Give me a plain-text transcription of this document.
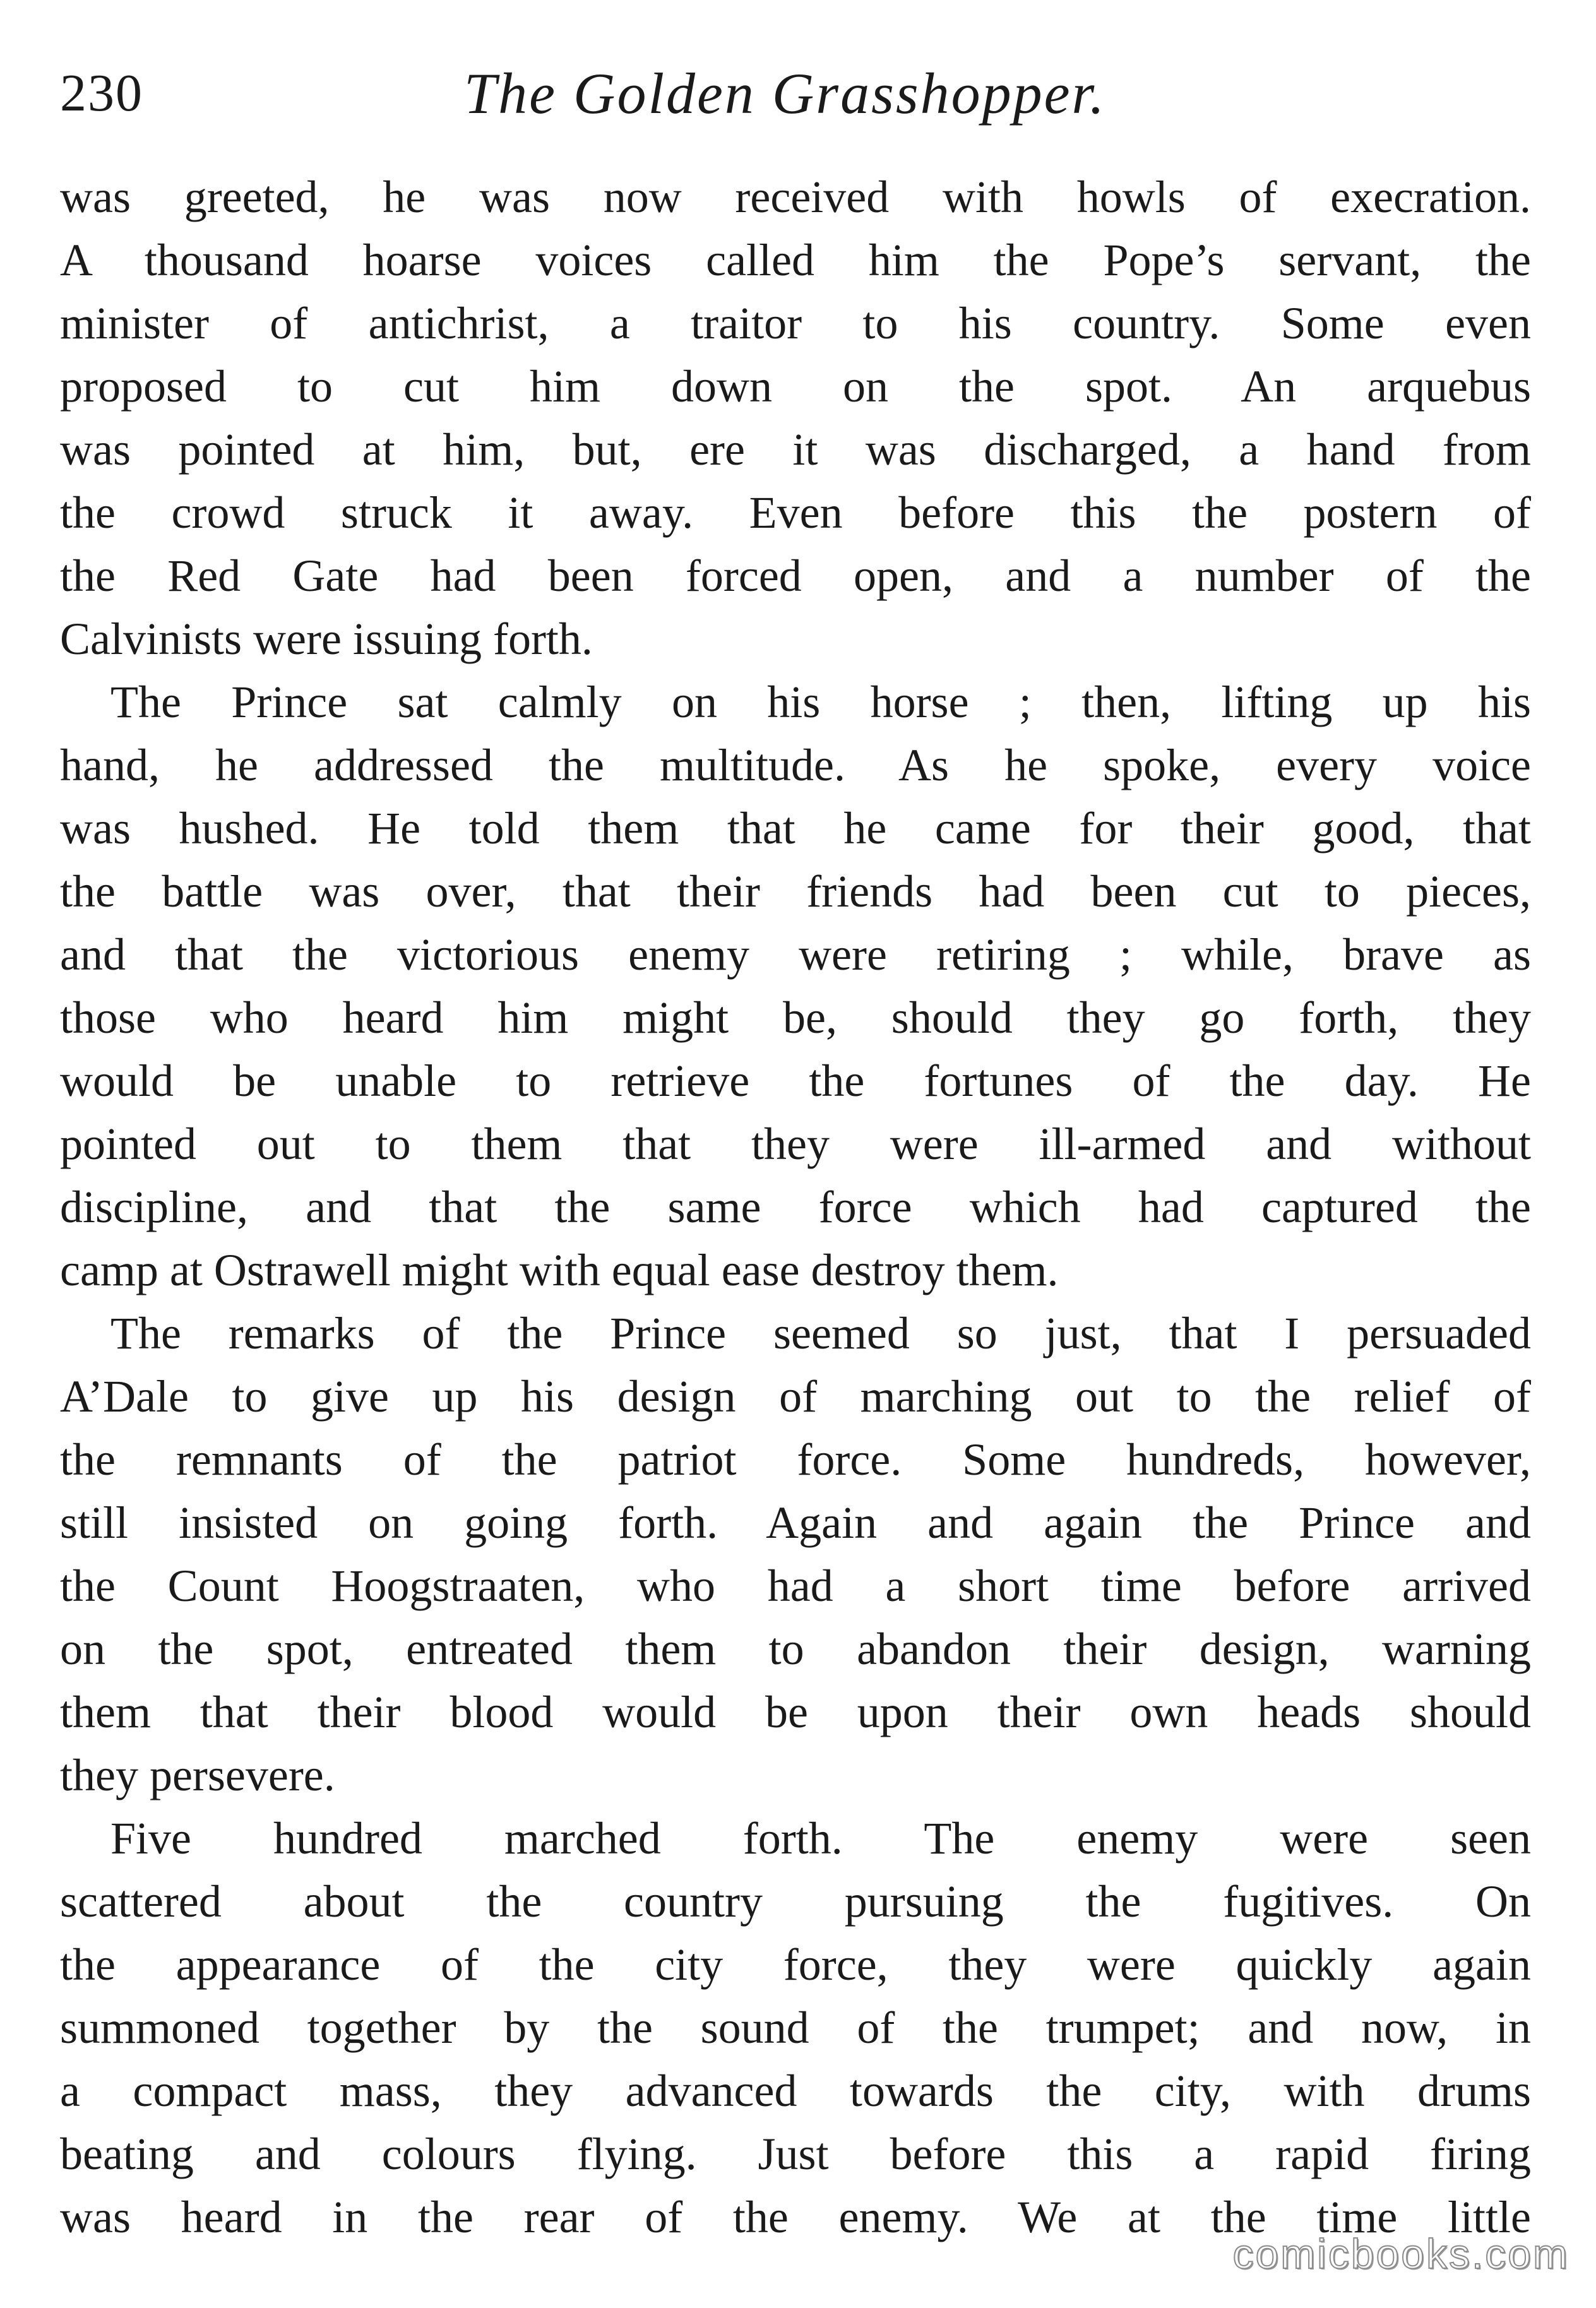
230	The Golden Grasshopper.
was greeted, he was now received with howls of execration.
A thousand hoarse voices called him the Pope’s servant, the
minister of antichrist, a traitor to his country. Some even
proposed to cut him down on the spot. An arquebus
was pointed at him, but, ere it was discharged, a hand from
the crowd struck it away. Even before this the postern of
the Red Gate had been forced open, and a number of the
Calvinists were issuing forth.
The Prince sat calmly on his horse ; then, lifting up his
hand, he addressed the multitude. As he spoke, every voice
was hushed. He told them that he came for their good, that
the battle was over, that their friends had been cut to pieces,
and that the victorious enemy were retiring ; while, brave as
those who heard him might be, should they go forth, they
would be unable to retrieve the fortunes of the day. He
pointed out to them that they were ill-armed and without
discipline, and that the same force which had captured the
camp at Ostrawell might with equal ease destroy them.
The remarks of the Prince seemed so just, that I persuaded
A’Dale to give up his design of marching out to the relief of
the remnants of the patriot force. Some hundreds, however,
still insisted on going forth. Again and again the Prince and
the Count Hoogstraaten, who had a short time before arrived
on the spot, entreated them to abandon their design, warning
them that their blood would be upon their own heads should
they persevere.
Five hundred marched forth. The enemy were seen
scattered about the country pursuing the fugitives. On
the appearance of the city force, they were quickly again
summoned together by the sound of the trumpet; and now, in
a compact mass, they advanced towards the city, with drums
beating and colours flying. Just before this a rapid firing
was heard in the rear of the enemy. We at the time little
comicbooks.com
